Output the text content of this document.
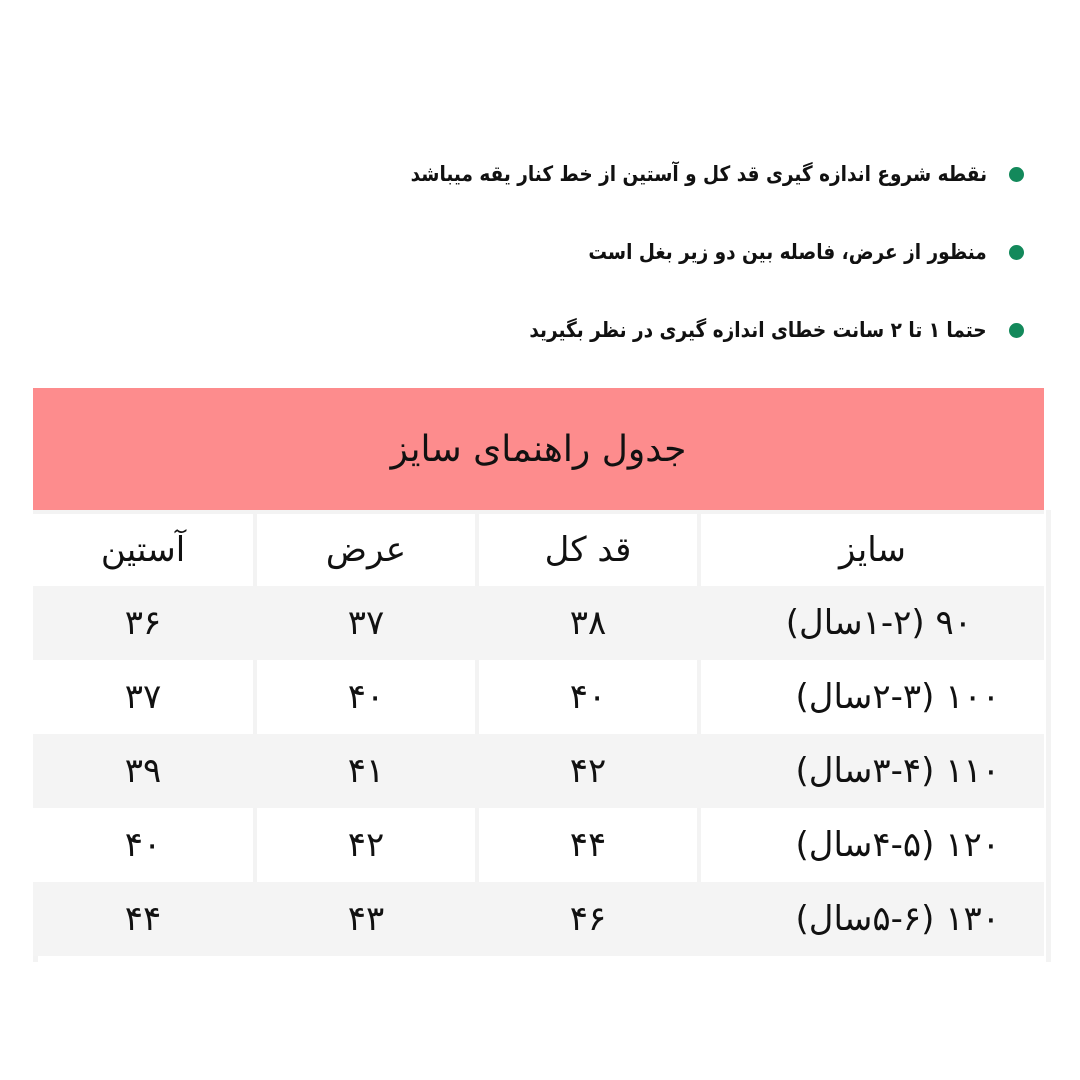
نقطه شروع اندازه گیری قد کل و آستین از خط کنار یقه میباشد
منظور از عرض، فاصله بین دو زیر بغل است
حتما ۱ تا ۲ سانت خطای اندازه گیری در نظر بگیرید
جدول راهنمای سایز
آستین	عرض	قد کل	سایز
۳۶	۳۷	۳۸	۹۰ (۱-۲سال)
۳۷	۴۰	۴۰	۱۰۰ (۲-۳سال)
۳۹	۴۱	۴۲	۱۱۰ (۳-۴سال)
۴۰	۴۲	۴۴	۱۲۰ (۴-۵سال)
۴۴	۴۳	۴۶	۱۳۰ (۵-۶سال)
